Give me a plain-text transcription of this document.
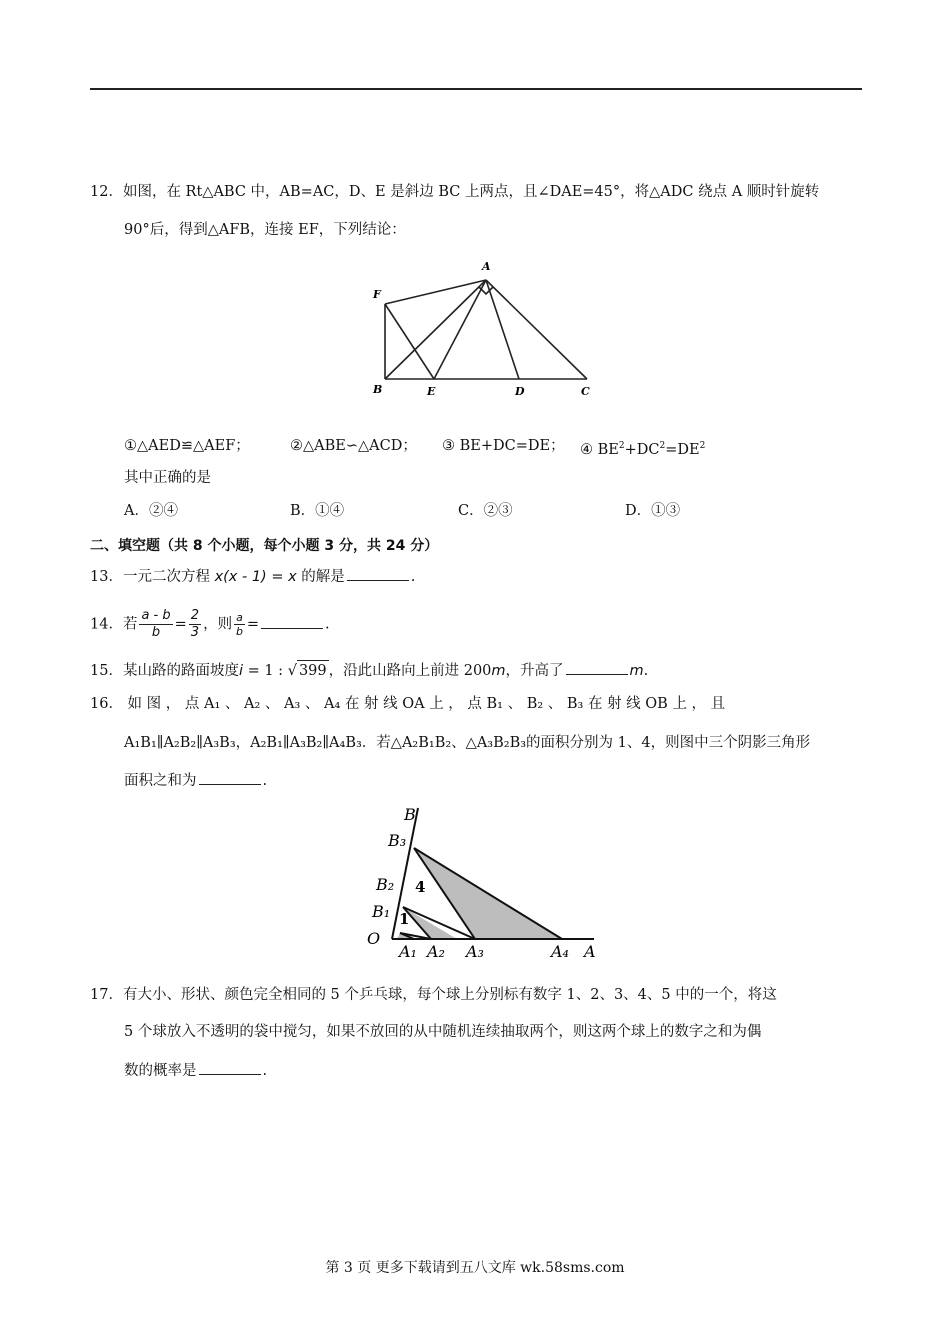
12．如图，在 Rt△ABC 中，AB=AC，D、E 是斜边 BC 上两点，且∠DAE=45°，将△ADC 绕点 A 顺时针旋转
90°后，得到△AFB，连接 EF，下列结论：
A
F
B	E	D	C
①△AED≌△AEF；	②△ABE∽△ACD； ③ BE+DC=DE； ④ $BE^2+DC^2=DE^2$
其中正确的是
A．②④	B．①④	C．②③	D．①③
二、填空题（共 8 个小题，每个小题 3 分，共 24 分）
13．一元二次方程 x(x - 1) = x 的解是	.
14．若 $\frac{a - b}{b} = \frac{2}{3}$ ，则 $\frac{a}{b}$ =	.
15．某山路的路面坡度i = 1 : √ 399 ，沿此山路向上前进 200m，升高了	m.
16． 如 图 ， 点 A₁ 、 A₂ 、 A₃ 、 A₄ 在 射 线 OA 上 ， 点 B₁ 、 B₂ 、 B₃ 在 射 线 OB 上 ， 且
A₁B₁∥A₂B₂∥A₃B₃，A₂B₁∥A₃B₂∥A₄B₃．若△A₂B₁B₂、△A₃B₂B₃的面积分别为 1、4，则图中三个阴影三角形
面积之和为	.
B
B₃
B₂
B₁
O
A₁ A₂ A₃	A₄ A
1
4
17．有大小、形状、颜色完全相同的 5 个乒乓球，每个球上分别标有数字 1、2、3、4、5 中的一个，将这
5 个球放入不透明的袋中搅匀，如果不放回的从中随机连续抽取两个，则这两个球上的数字之和为偶
数的概率是	.
第 3 页 更多下载请到五八文库 wk.58sms.com
